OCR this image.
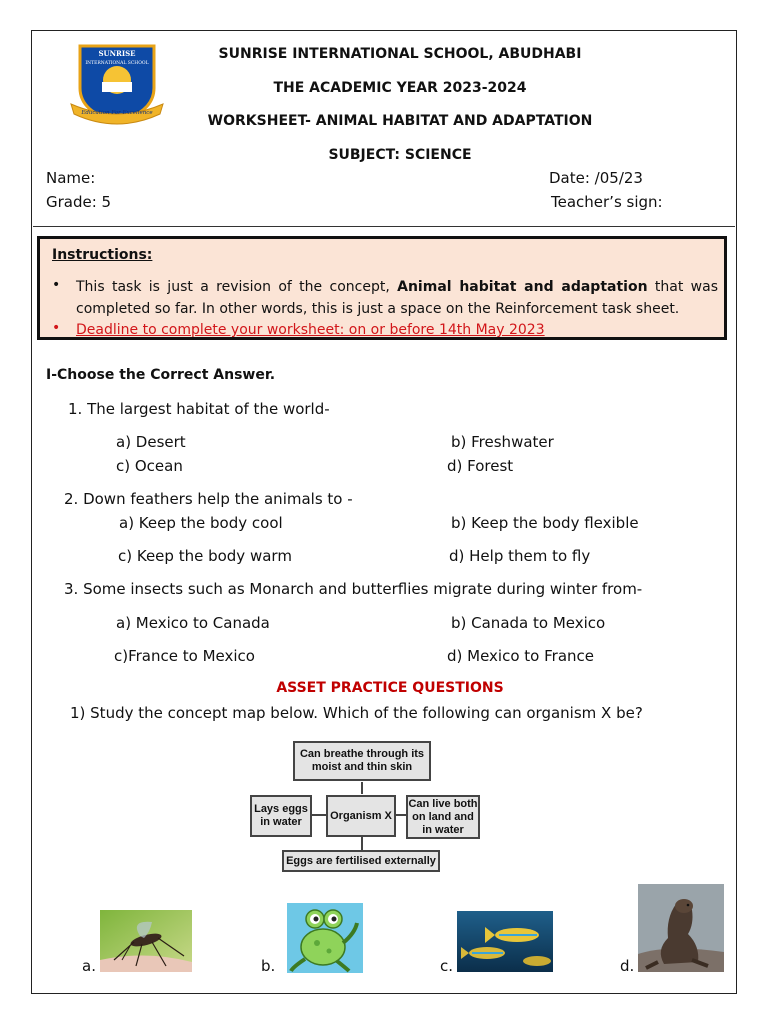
SUNRISE
INTERNATIONAL SCHOOL
Education For Excellence
SUNRISE INTERNATIONAL SCHOOL, ABUDHABI
THE ACADEMIC YEAR 2023-2024
WORKSHEET- ANIMAL HABITAT AND ADAPTATION
SUBJECT: SCIENCE
Name:	Date: /05/23
Grade: 5	Teacher’s sign:
Instructions:
• This task is just a revision of the concept, Animal habitat and adaptation that was completed so far. In other words, this is just a space on the Reinforcement task sheet.
• Deadline to complete your worksheet: on or before 14th May 2023
I-Choose the Correct Answer.
1. The largest habitat of the world-
a) Desert	b) Freshwater
c) Ocean	d) Forest
2. Down feathers help the animals to -
a) Keep the body cool	b) Keep the body flexible
c) Keep the body warm	d) Help them to fly
3. Some insects such as Monarch and butterflies migrate during winter from-
a) Mexico to Canada	b) Canada to Mexico
c)France to Mexico	d) Mexico to France
ASSET PRACTICE QUESTIONS
1) Study the concept map below. Which of the following can organism X be?
Can breathe through its moist and thin skin
Lays eggs in water
Organism X
Can live both on land and in water
Eggs are fertilised externally
a.	b.	c.	d.
